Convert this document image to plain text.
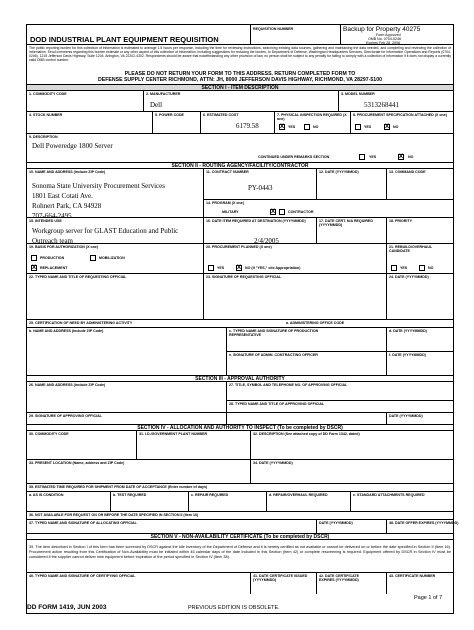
DOD INDUSTRIAL PLANT EQUIPMENT REQUISITION
REQUISITION NUMBER	Backup for Property 40275
Form Approved
OMB No. 0704-0246
Expires Feb 28, 2006
The public reporting burden for this collection of information is estimated to average 1.5 hours per response, including the time for reviewing instructions, searching existing data sources, gathering and maintaining the data needed, and completing and reviewing the collection of information. Send comments regarding this burden estimate or any other aspect of this collection of information, including suggestions for reducing the burden, to Department of Defense, Washington Headquarters Services, Directorate for Information Operations and Reports (0704-0246), 1215 Jefferson Davis Highway, Suite 1204, Arlington, VA 22202-4302. Respondents should be aware that notwithstanding any other provision of law, no person shall be subject to any penalty for failing to comply with a collection of information if it does not display a currently valid OMB control number.
PLEASE DO NOT RETURN YOUR FORM TO THIS ADDRESS. RETURN COMPLETED FORM TO
DEFENSE SUPPLY CENTER RICHMOND, ATTN: JH, 8000 JEFFERSON DAVIS HIGHWAY, RICHMOND, VA 28297-5100
SECTION I - ITEM DESCRIPTION
1. COMMODITY CODE	2. MANUFACTURER
Dell
3. MODEL NUMBER
5313268441
4. STOCK NUMBER	5. POWER CODE	6. ESTIMATED COST
6179.58
7. PHYSICAL INSPECTION REQUIRED (X one)
X YES	NO
8. PROCUREMENT SPECIFICATION ATTACHED (X one)
YES X NO
9. DESCRIPTION
Dell Poweredge 1800 Server
CONTINUED UNDER REMARKS SECTION	YES	X NO
SECTION II - ROUTING AGENCY/FACILITY/CONTRACTOR
10. NAME AND ADDRESS (Include ZIP Code)
Sonoma State University Procurement Services
1801 East Cotati Ave.
Rohnert Park, CA 94928
707-664-2495
11. CONTRACT NUMBER
PY-0443
12. DATE (YYYYMMDD)	13. COMMAND CODE
14. PROGRAM (X one)
MILITARY	X	CONTRACTOR
15. INTENDED USE
Workgroup server for GLAST Education and Public
Outreach team
16. DATE ITEM REQUIRED AT DESTINATION (YYYYMMDD)
2/4/2005
17. DATE CERT. N/A REQUIRED (YYYYMMDD)
18. PRIORITY
19. BASIS FOR AUTHORIZATION (X one)
PRODUCTION	MOBILIZATION
X REPLACEMENT
20. PROCUREMENT PLANNED (X one)
YES X NO (If "YES," cite Appropriation)
21. REBUILD/OVERHAUL CANDIDATE
YES	NO
22. TYPED NAME AND TITLE OF REQUESTING OFFICIAL	23. SIGNATURE OF REQUESTING OFFICIAL	24. DATE (YYYYMMDD)
25. CERTIFICATION OF NEED BY ADMINISTERING ACTIVITY	a. ADMINISTERING OFFICE CODE
b. NAME AND ADDRESS (Include ZIP Code)	c. TYPED NAME AND SIGNATURE OF PRODUCTION REPRESENTATIVE
d. DATE (YYYYMMDD)
e. SIGNATURE OF ADMIN. CONTRACTING OFFICER	f. DATE (YYYYMMDD)
SECTION III - APPROVAL AUTHORITY
26. NAME AND ADDRESS (Include ZIP Code)	27. TITLE, SYMBOL AND TELEPHONE NO. OF APPROVING OFFICIAL
28. TYPED NAME AND TITLE OF APPROVING OFFICIAL
29. SIGNATURE OF APPROVING OFFICIAL	DATE (YYYYMMDD)
SECTION IV - ALLOCATION AND AUTHORITY TO INSPECT (To be completed by DSCR)
30. COMMODITY CODE	31. I.D./GOVERNMENT PLANT NUMBER	32. DESCRIPTION (See attached copy of DD Form 1342, dated)
33. PRESENT LOCATION (Name, address and ZIP Code)	34. DATE (YYYYMMDD)
35. ESTIMATED TIME REQUIRED FOR SHIPMENT FROM DATE OF ACCEPTANCE (Enter number of days)
a. AS IS CONDITION	b. TEST REQUIRED	c. REPAIR REQUIRED	d. REPAIR/OVERHAUL REQUIRED	e. STANDARD ATTACHMENTS REQUIRED
36. NOT AVAILABLE FOR REQUEST ON OR BEFORE THE DATE SPECIFIED IN SECTION II (Item 16)
37. TYPED NAME AND SIGNATURE OF ALLOCATING OFFICIAL	DATE (YYYYMMDD)	38. DATE OFFER EXPIRES (YYYYMMDD)
SECTION V - NON-AVAILABILITY CERTIFICATE (To be completed by DSCR)
39. The item described in Section I of this form has been screened by DSCR against the idle inventory of the Department of Defense and it is hereby certified as not available or cannot be delivered on or before the date specified in Section II (Item 16). Procurement action resulting from this Certification of Non-Availability must be initiated within 45 calendar days of the date included in this Section (Item 42) or complete rescreening is required. Equipment offered by DSCR in Section IV must be considered if the supplier cannot deliver new equipment before expiration of the period specified in Section IV (Item 38).
40. TYPED NAME AND SIGNATURE OF CERTIFYING OFFICIAL	41. DATE CERTIFICATE ISSUED (YYYYMMDD)
42. DATE CERTIFICATE EXPIRES (YYYYMMDD)
43. CERTIFICATE NUMBER
Page 1 of 7
DD FORM 1419, JUN 2003	PREVIOUS EDITION IS OBSOLETE.
